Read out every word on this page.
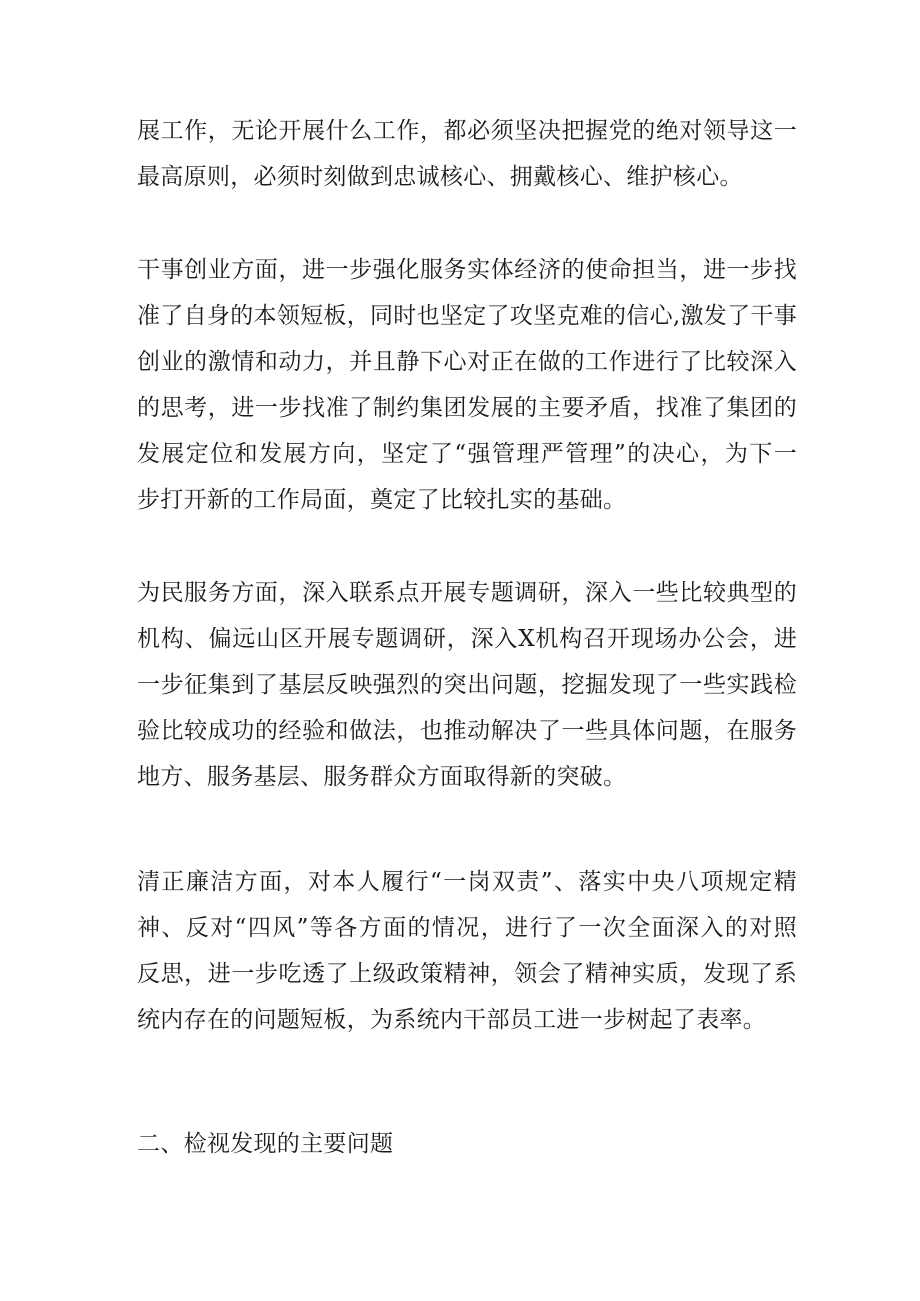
展工作，无论开展什么工作，都必须坚决把握党的绝对领导这一
最高原则，必须时刻做到忠诚核心、拥戴核心、维护核心。
干事创业方面，进一步强化服务实体经济的使命担当，进一步找
准了自身的本领短板，同时也坚定了攻坚克难的信心,激发了干事
创业的激情和动力，并且静下心对正在做的工作进行了比较深入
的思考，进一步找准了制约集团发展的主要矛盾，找准了集团的
发展定位和发展方向，坚定了“强管理严管理”的决心，为下一
步打开新的工作局面，奠定了比较扎实的基础。
为民服务方面，深入联系点开展专题调研，深入一些比较典型的
机构、偏远山区开展专题调研，深入X机构召开现场办公会，进
一步征集到了基层反映强烈的突出问题，挖掘发现了一些实践检
验比较成功的经验和做法，也推动解决了一些具体问题，在服务
地方、服务基层、服务群众方面取得新的突破。
清正廉洁方面，对本人履行“一岗双责”、落实中央八项规定精
神、反对“四风”等各方面的情况，进行了一次全面深入的对照
反思，进一步吃透了上级政策精神，领会了精神实质，发现了系
统内存在的问题短板，为系统内干部员工进一步树起了表率。
二、检视发现的主要问题
